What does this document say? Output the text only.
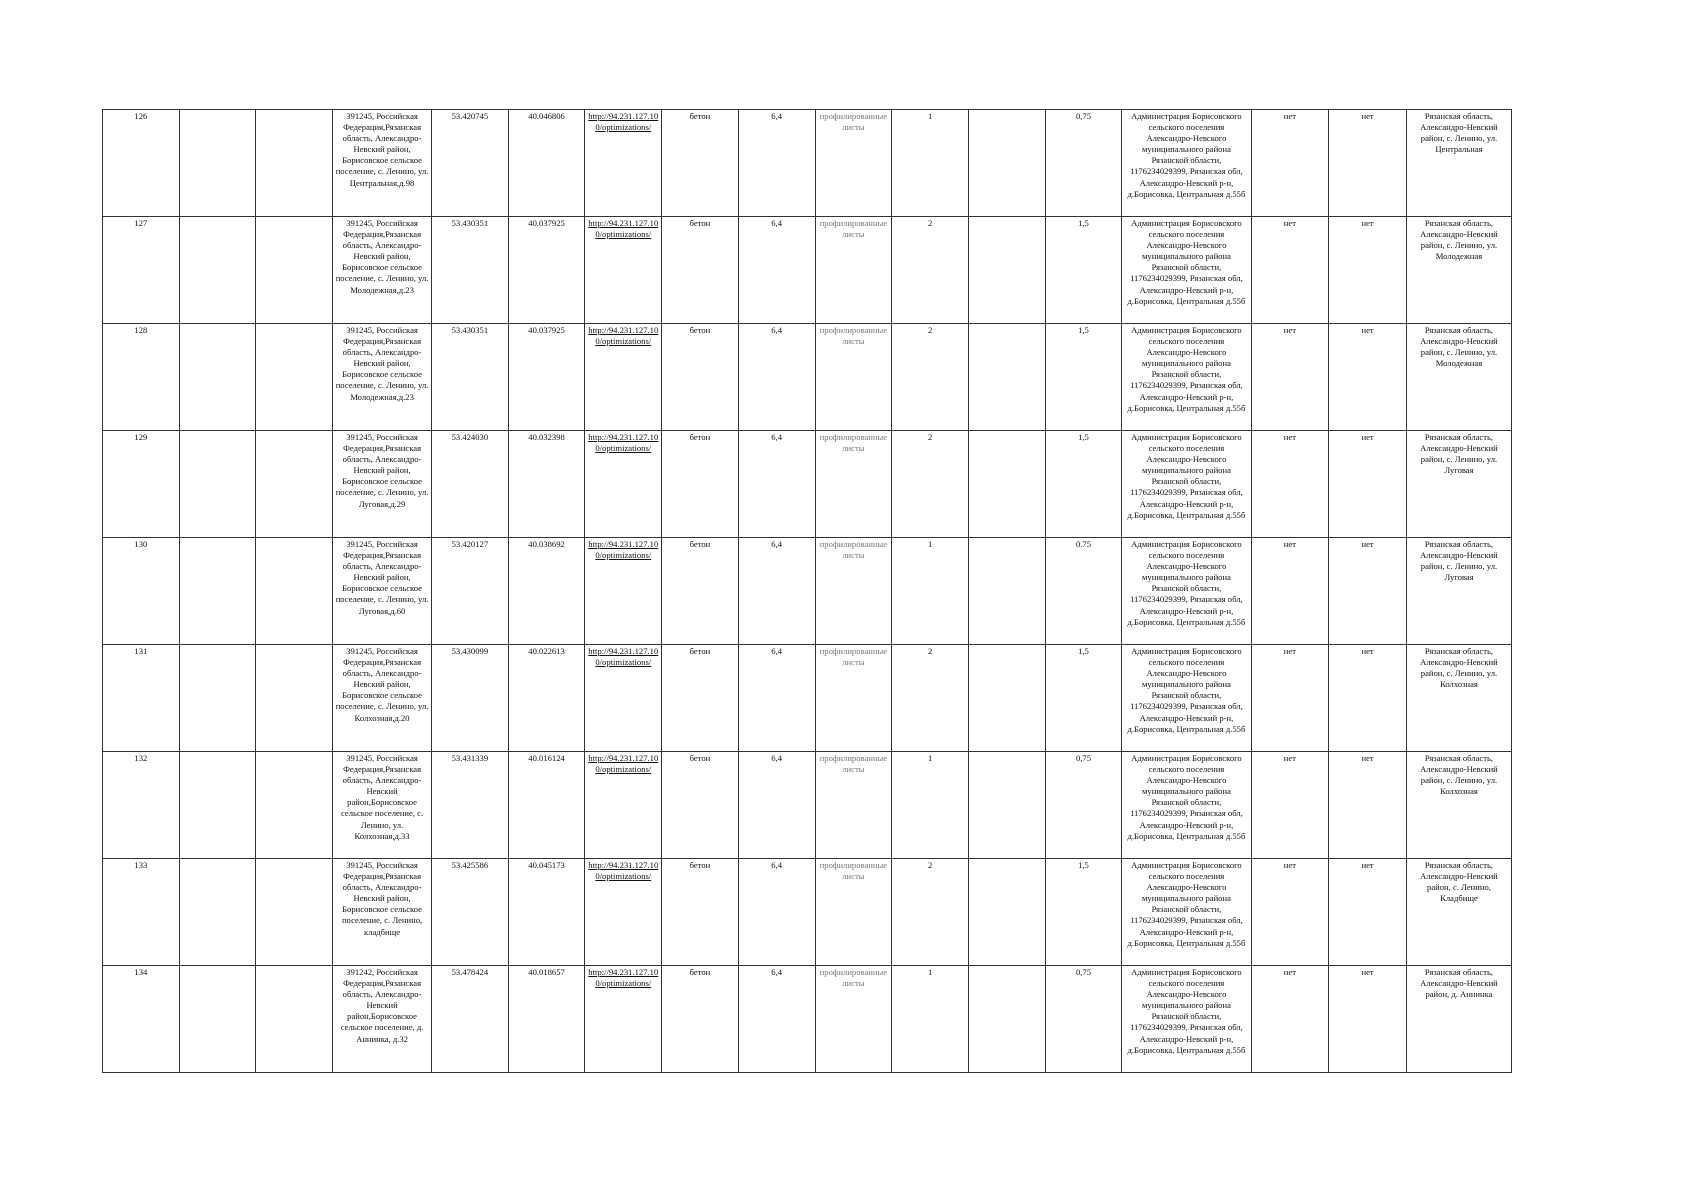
126			391245, Российская Федерация,Рязанская область, Александро-Невский район, Борисовское сельское поселение, с. Ленино, ул. Центральная,д.98	53.420745	40.046806	http://94.231.127.10 0/optimizations/	бетон	6,4	профилированные листы	1		0,75	Администрация Борисовского сельского поселения Александро-Невского муниципального района Рязанской области, 1176234029399, Рязанская обл, Александро-Невский р-н, д.Борисовка, Центральная д.55б	нет	нет	Рязанская область, Александро-Невский район, с. Ленино, ул. Центральная
127			391245, Российская Федерация,Рязанская область, Александро-Невский район, Борисовское сельское поселение, с. Ленино, ул. Молодежная,д.23	53.430351	40.037925	http://94.231.127.10 0/optimizations/	бетон	6,4	профилированные листы	2		1,5	Администрация Борисовского сельского поселения Александро-Невского муниципального района Рязанской области, 1176234029399, Рязанская обл, Александро-Невский р-н, д.Борисовка, Центральная д.55б	нет	нет	Рязанская область, Александро-Невский район, с. Ленино, ул. Молодежная
128			391245, Российская Федерация,Рязанская область, Александро-Невский район, Борисовское сельское поселение, с. Ленино, ул. Молодежная,д.23	53.430351	40.037925	http://94.231.127.10 0/optimizations/	бетон	6,4	профилированные листы	2		1,5	Администрация Борисовского сельского поселения Александро-Невского муниципального района Рязанской области, 1176234029399, Рязанская обл, Александро-Невский р-н, д.Борисовка, Центральная д.55б	нет	нет	Рязанская область, Александро-Невский район, с. Ленино, ул. Молодежная
129			391245, Российская Федерация,Рязанская область, Александро-Невский район, Борисовское сельское поселение, с. Ленино, ул. Луговая,д.29	53.424030	40.032398	http://94.231.127.10 0/optimizations/	бетон	6,4	профилированные листы	2		1,5	Администрация Борисовского сельского поселения Александро-Невского муниципального района Рязанской области, 1176234029399, Рязанская обл, Александро-Невский р-н, д.Борисовка, Центральная д.55б	нет	нет	Рязанская область, Александро-Невский район, с. Ленино, ул. Луговая
130			391245, Российская Федерация,Рязанская область, Александро-Невский район, Борисовское сельское поселение, с. Ленино, ул. Луговая,д.60	53.420127	40.038692	http://94.231.127.10 0/optimizations/	бетон	6,4	профилированные листы	1		0.75	Администрация Борисовского сельского поселения Александро-Невского муниципального района Рязанской области, 1176234029399, Рязанская обл, Александро-Невский р-н, д.Борисовка, Центральная д.55б	нет	нет	Рязанская область, Александро-Невский район, с. Ленино, ул. Луговая
131			391245, Российская Федерация,Рязанская область, Александро-Невский район, Борисовское сельское поселение, с. Ленино, ул. Колхозная,д.20	53.430099	40.022613	http://94.231.127.10 0/optimizations/	бетон	6,4	профилированные листы	2		1,5	Администрация Борисовского сельского поселения Александро-Невского муниципального района Рязанской области, 1176234029399, Рязанская обл, Александро-Невский р-н, д.Борисовка, Центральная д.55б	нет	нет	Рязанская область, Александро-Невский район, с. Ленино, ул. Колхозная
132			391245, Российская Федерация,Рязанская область, Александро-Невский район,Борисовское сельское поселение, с. Ленино, ул. Колхозная,д.33	53.431339	40.016124	http://94.231.127.10 0/optimizations/	бетон	6,4	профилированные листы	1		0,75	Администрация Борисовского сельского поселения Александро-Невского муниципального района Рязанской области, 1176234029399, Рязанская обл, Александро-Невский р-н, д.Борисовка, Центральная д.55б	нет	нет	Рязанская область, Александро-Невский район, с. Ленино, ул. Колхозная
133			391245, Российская Федерация,Рязанская область, Александро-Невский район, Борисовское сельское поселение, с. Ленино, кладбище	53.425586	40.045173	http://94.231.127.10 0/optimizations/	бетон	6,4	профилированные листы	2		1,5	Администрация Борисовского сельского поселения Александро-Невского муниципального района Рязанской области, 1176234029399, Рязанская обл, Александро-Невский р-н, д.Борисовка, Центральная д.55б	нет	нет	Рязанская область, Александро-Невский район, с. Ленино, Кладбище
134			391242, Российская Федерация,Рязанская область, Александро-Невский район,Борисовское сельское поселение, д. Аннинка, д.32	53.478424	40.018657	http://94.231.127.10 0/optimizations/	бетон	6,4	профилированные листы	1		0,75	Администрация Борисовского сельского поселения Александро-Невского муниципального района Рязанской области, 1176234029399, Рязанская обл, Александро-Невский р-н, д.Борисовка, Центральная д.55б	нет	нет	Рязанская область, Александро-Невский район, д. Аннинка
